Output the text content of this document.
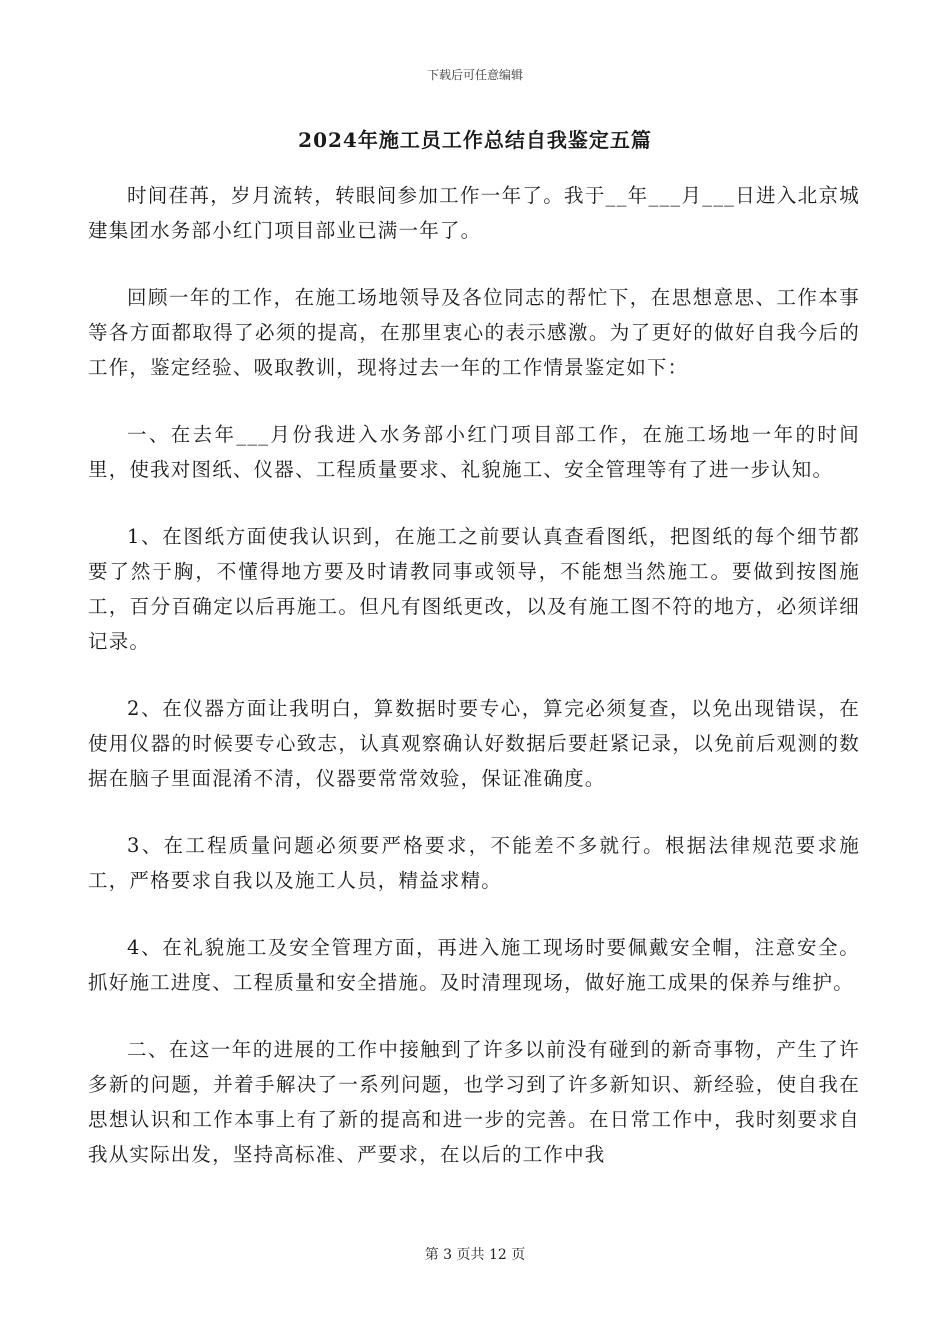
下载后可任意编辑
2024年施工员工作总结自我鉴定五篇

时间荏苒，岁月流转，转眼间参加工作一年了。我于__年___月___日进入北京城建集团水务部小红门项目部业已满一年了。

回顾一年的工作，在施工场地领导及各位同志的帮忙下，在思想意思、工作本事等各方面都取得了必须的提高，在那里衷心的表示感激。为了更好的做好自我今后的工作，鉴定经验、吸取教训，现将过去一年的工作情景鉴定如下：

一、在去年___月份我进入水务部小红门项目部工作，在施工场地一年的时间里，使我对图纸、仪器、工程质量要求、礼貌施工、安全管理等有了进一步认知。

1、在图纸方面使我认识到，在施工之前要认真查看图纸，把图纸的每个细节都要了然于胸，不懂得地方要及时请教同事或领导，不能想当然施工。要做到按图施工，百分百确定以后再施工。但凡有图纸更改，以及有施工图不符的地方，必须详细记录。

2、在仪器方面让我明白，算数据时要专心，算完必须复查，以免出现错误，在使用仪器的时候要专心致志，认真观察确认好数据后要赶紧记录，以免前后观测的数据在脑子里面混淆不清，仪器要常常效验，保证准确度。

3、在工程质量问题必须要严格要求，不能差不多就行。根据法律规范要求施工，严格要求自我以及施工人员，精益求精。

4、在礼貌施工及安全管理方面，再进入施工现场时要佩戴安全帽，注意安全。抓好施工进度、工程质量和安全措施。及时清理现场，做好施工成果的保养与维护。

二、在这一年的进展的工作中接触到了许多以前没有碰到的新奇事物，产生了许多新的问题，并着手解决了一系列问题，也学习到了许多新知识、新经验，使自我在思想认识和工作本事上有了新的提高和进一步的完善。在日常工作中，我时刻要求自我从实际出发，坚持高标准、严要求，在以后的工作中我

第 3 页共 12 页
